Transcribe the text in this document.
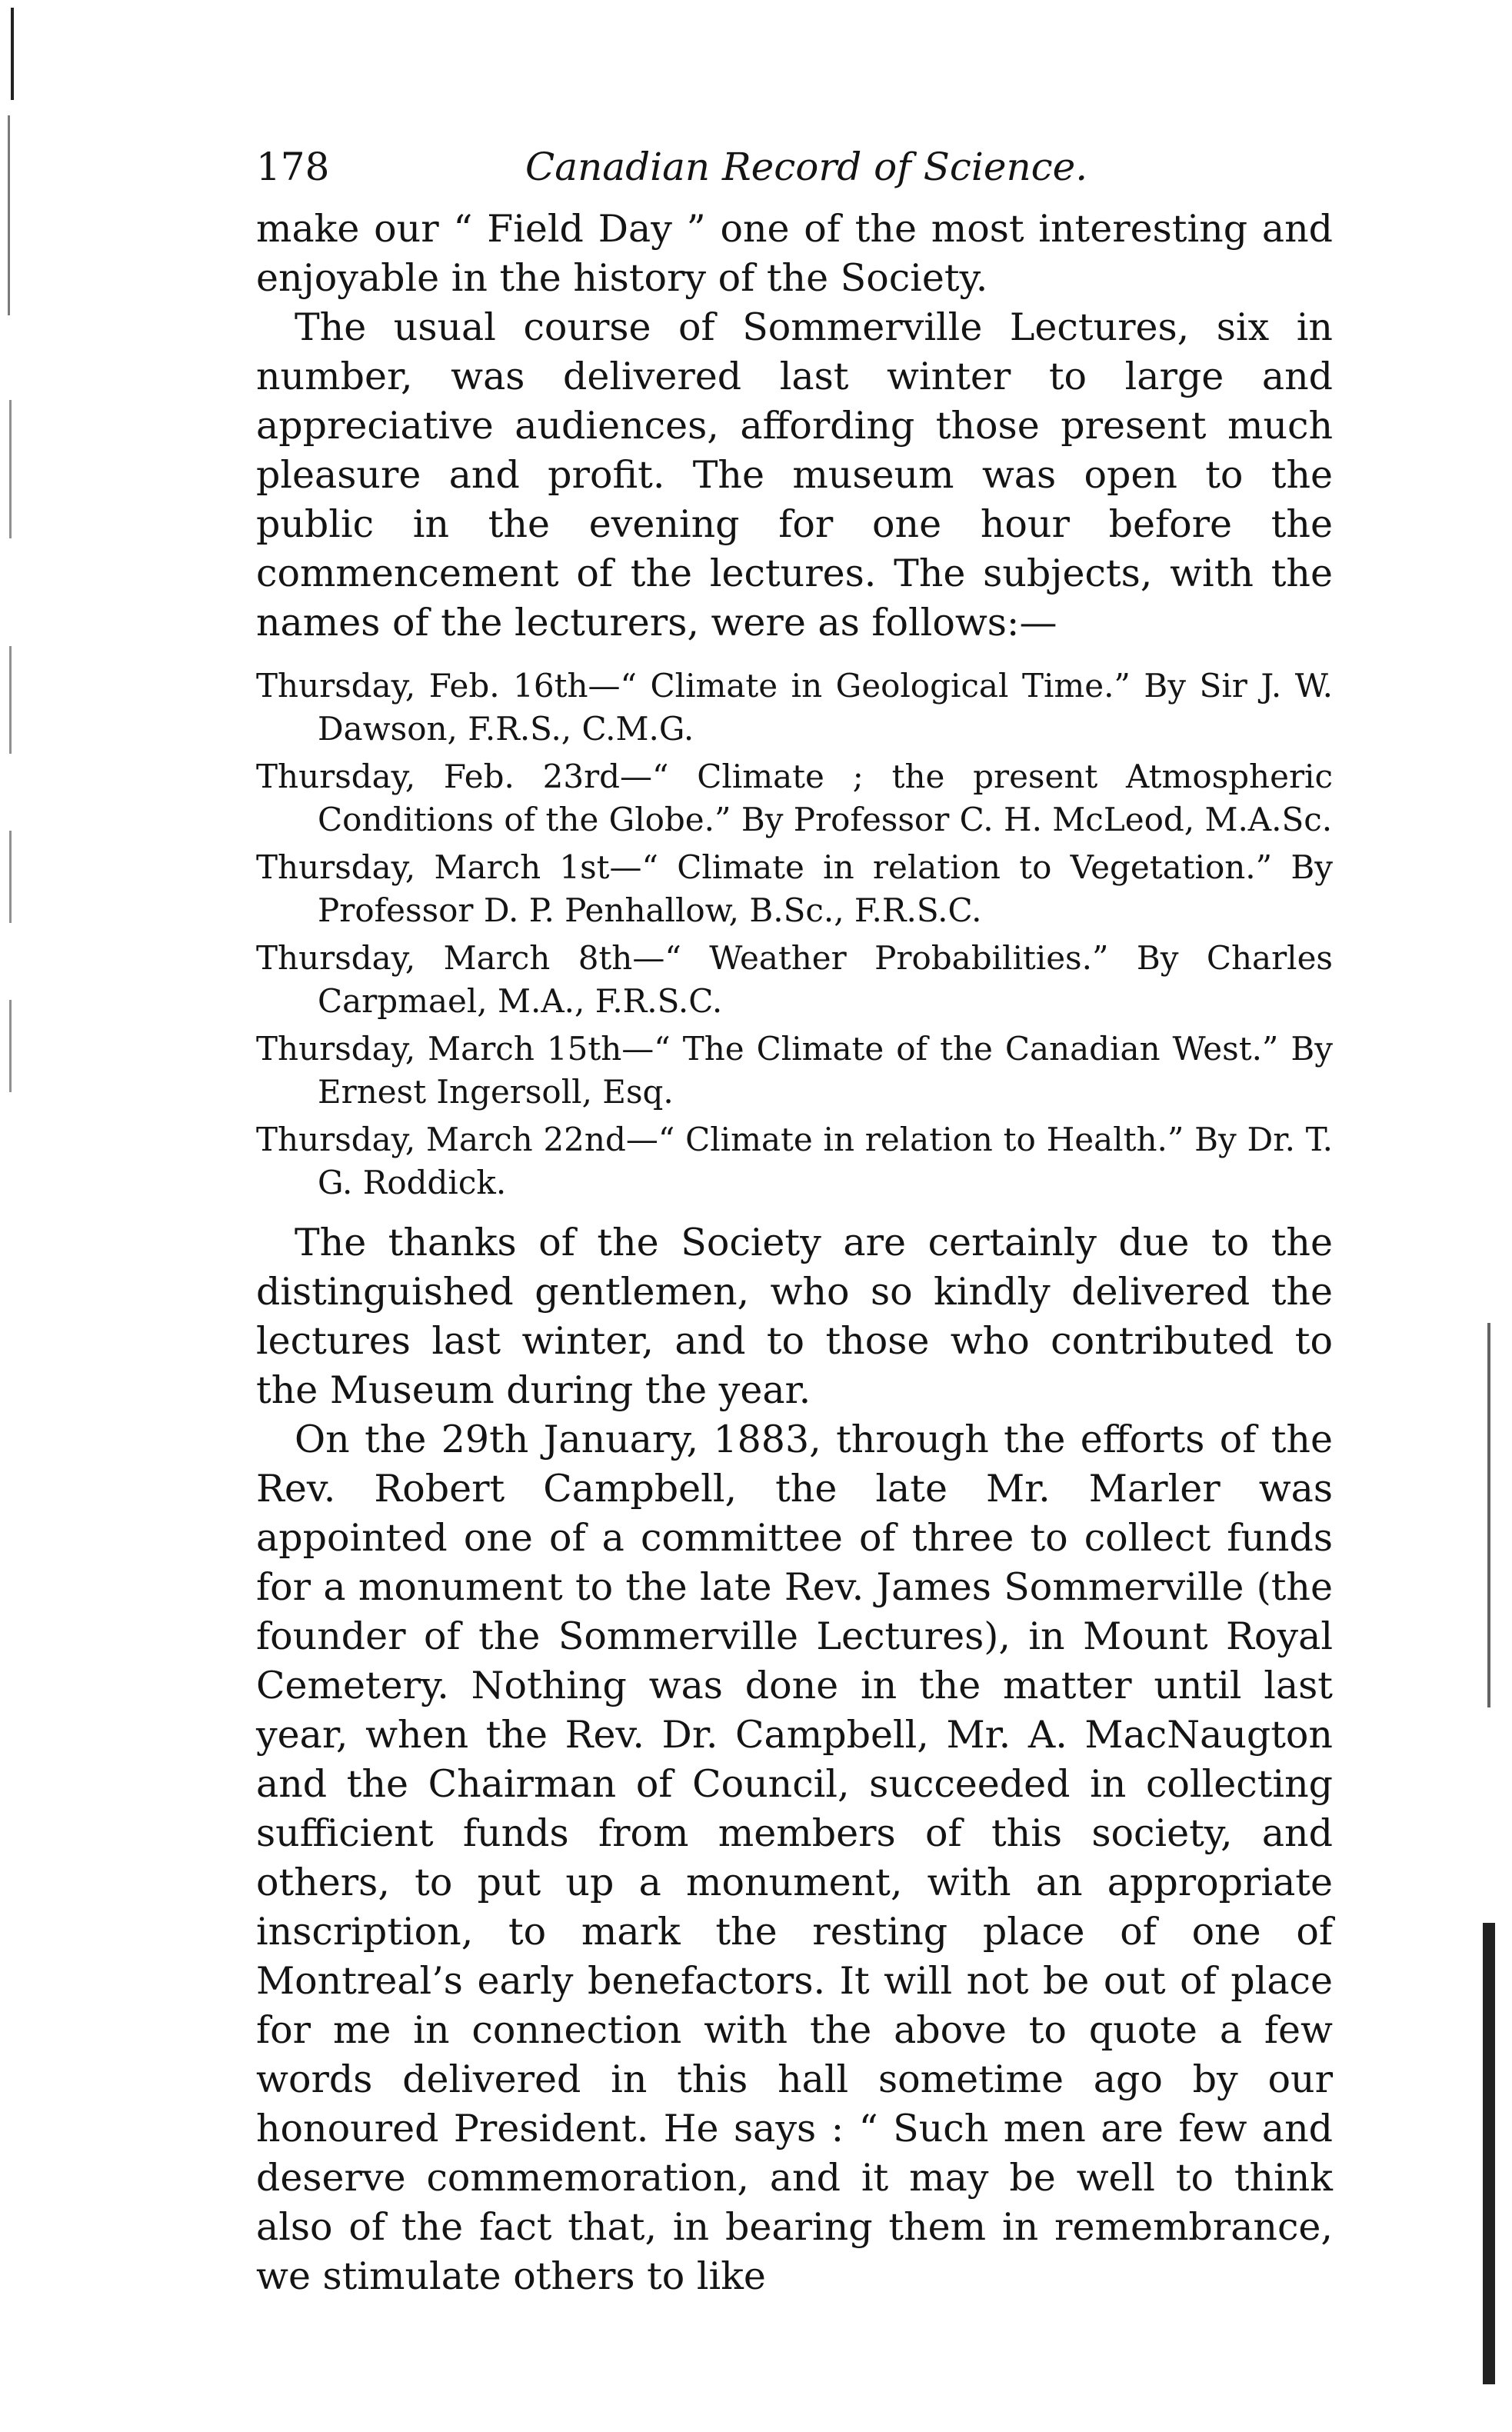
178	Canadian Record of Science.

make our “ Field Day ” one of the most interesting and enjoyable in the history of the Society.

The usual course of Sommerville Lectures, six in number, was delivered last winter to large and appreciative audiences, affording those present much pleasure and profit. The museum was open to the public in the evening for one hour before the commencement of the lectures. The subjects, with the names of the lecturers, were as follows:—

Thursday, Feb. 16th—“ Climate in Geological Time.” By Sir J. W. Dawson, F.R.S., C.M.G.

Thursday, Feb. 23rd—“ Climate ; the present Atmospheric Conditions of the Globe.” By Professor C. H. McLeod, M.A.Sc.

Thursday, March 1st—“ Climate in relation to Vegetation.” By Professor D. P. Penhallow, B.Sc., F.R.S.C.

Thursday, March 8th—“ Weather Probabilities.” By Charles Carpmael, M.A., F.R.S.C.

Thursday, March 15th—“ The Climate of the Canadian West.” By Ernest Ingersoll, Esq.

Thursday, March 22nd—“ Climate in relation to Health.” By Dr. T. G. Roddick.

The thanks of the Society are certainly due to the distinguished gentlemen, who so kindly delivered the lectures last winter, and to those who contributed to the Museum during the year.

On the 29th January, 1883, through the efforts of the Rev. Robert Campbell, the late Mr. Marler was appointed one of a committee of three to collect funds for a monument to the late Rev. James Sommerville (the founder of the Sommerville Lectures), in Mount Royal Cemetery. Nothing was done in the matter until last year, when the Rev. Dr. Campbell, Mr. A. MacNaugton and the Chairman of Council, succeeded in collecting sufficient funds from members of this society, and others, to put up a monument, with an appropriate inscription, to mark the resting place of one of Montreal’s early benefactors. It will not be out of place for me in connection with the above to quote a few words delivered in this hall sometime ago by our honoured President. He says : “ Such men are few and deserve commemoration, and it may be well to think also of the fact that, in bearing them in remembrance, we stimulate others to like
